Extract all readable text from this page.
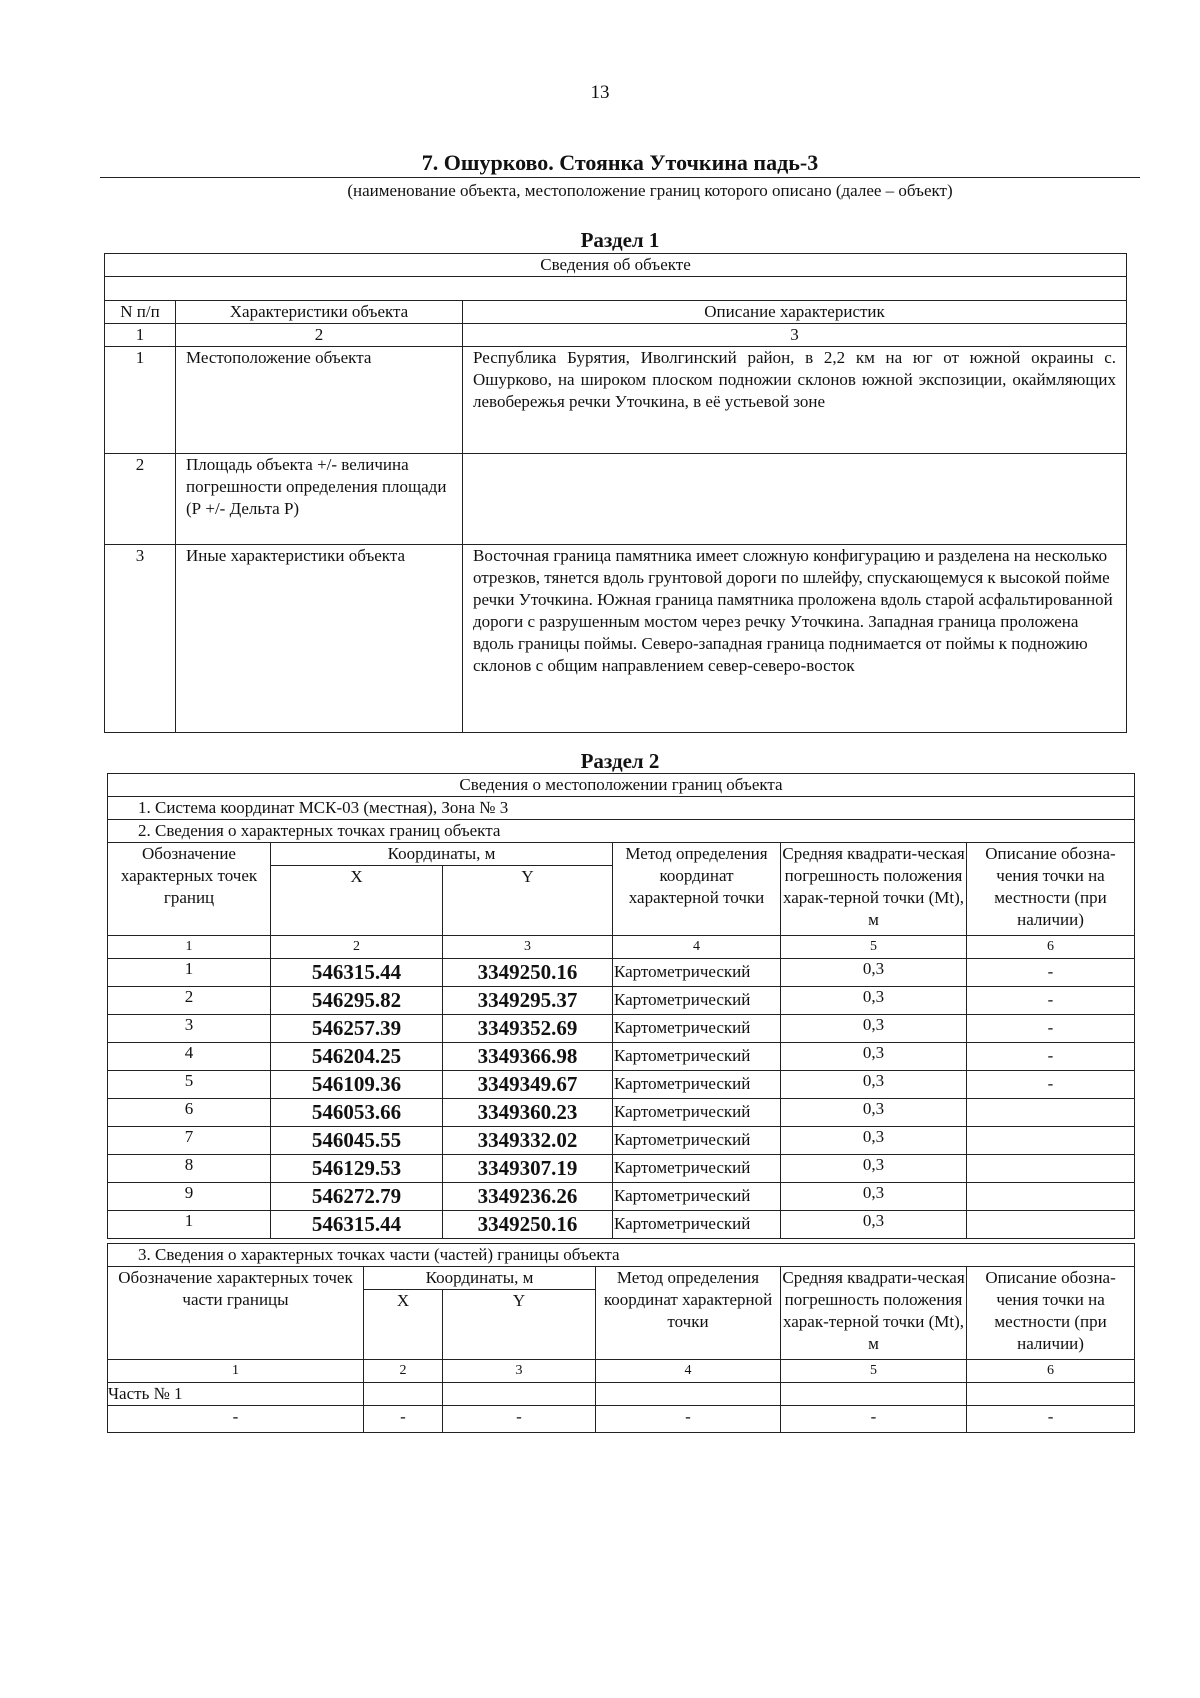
13
7. Ошурково. Стоянка Уточкина падь-3
(наименование объекта, местоположение границ которого описано (далее – объект)
Раздел 1
Сведения об объекте		

N п/п	Характеристики объекта	Описание характеристик
1	2	3
1	Местоположение объекта	Республика Бурятия, Иволгинский район, в 2,2 км на юг от южной окраины с. Ошурково, на широком плоском подножии склонов южной экспозиции, окаймляющих левобережья речки Уточкина, в её устьевой зоне
2	Площадь объекта +/- величина погрешности определения площади (Р +/- Дельта Р)	
3	Иные характеристики объекта	Восточная граница памятника имеет сложную конфигурацию и разделена на несколько отрезков, тянется вдоль грунтовой дороги по шлейфу, спускающемуся к высокой пойме речки Уточкина. Южная граница памятника проложена вдоль старой асфальтированной дороги с разрушенным мостом через речку Уточкина. Западная граница проложена вдоль границы поймы. Северо-западная граница поднимается от поймы к подножию склонов с общим направлением север-северо-восток
Раздел 2
Сведения о местоположении границ объекта					
1. Система координат МСК-03 (местная), Зона № 3					
2. Сведения о характерных точках границ объекта					
Обозначение характерных точек границ	Координаты, м		Метод определения координат характерной точки	Средняя квадрати-ческая погрешность положения харак-терной точки (Mt), м	Описание обозна-чения точки на местности (при наличии)
	X	Y			
1	2	3	4	5	6
1	546315.44	3349250.16	Картометрический	0,3	-
2	546295.82	3349295.37	Картометрический	0,3	-
3	546257.39	3349352.69	Картометрический	0,3	-
4	546204.25	3349366.98	Картометрический	0,3	-
5	546109.36	3349349.67	Картометрический	0,3	-
6	546053.66	3349360.23	Картометрический	0,3	
7	546045.55	3349332.02	Картометрический	0,3	
8	546129.53	3349307.19	Картометрический	0,3	
9	546272.79	3349236.26	Картометрический	0,3	
1	546315.44	3349250.16	Картометрический	0,3	
3. Сведения о характерных точках части (частей) границы объекта					
Обозначение характерных точек части границы	Координаты, м		Метод определения координат характерной точки	Средняя квадрати-ческая погрешность положения харак-терной точки (Mt), м	Описание обозна-чения точки на местности (при наличии)
	X	Y			
1	2	3	4	5	6
Часть № 1					
-	-	-	-	-	-
